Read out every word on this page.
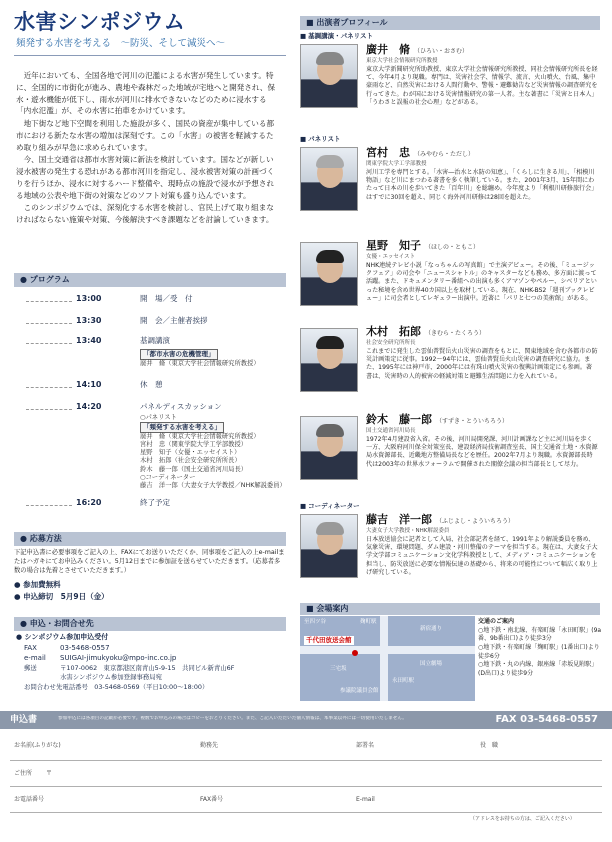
水害シンポジウム
頻発する水害を考える　〜防災、そして減災へ〜

近年においても、全国各地で河川の氾濫による水害が発生しています。特に、全国的に市街化が進み、農地や森林だった地域が宅地へと開発され、保水・遊水機能が低下し、雨水が河川に排水できないなどのために浸水する「内水氾濫」が、その水害に拍車をかけています。

地下街など地下空間を利用した施設が多く、国民の資産が集中している都市における新たな水害の増加は深刻です。この「水害」の被害を軽減するため取り組みが早急に求められています。

今、国土交通省は都市水害対策に新法を検討しています。国などが新しい浸水被害の発生する恐れがある都市河川を指定し、浸水被害対策の計画づくりを行うほか、浸水に対するハード整備や、現時点の施設で浸水が予想される地域の公表や地下街の対策などのソフト対策も盛り込んでいます。

このシンポジウムでは、深刻化する水害を検討し、官民上げて取り組まなければならない施策や対策、今後解決すべき課題などを討論していきます。

● プログラム
13:00	開　場／受　付
13:30	開　会／主催者挨拶
13:40	基調講演
「都市水害の危機管理」
廣井　脩（東京大学社会情報研究所教授）
14:10	休　憩
14:20	パネルディスカッション
○パネリスト
「頻発する水害を考える」
廣井　脩（東京大学社会情報研究所教授）
宮村　忠（関東学院大学工学部教授）
星野　知子（女優・エッセイスト）
木村　拓郎（社会安全研究所所長）
鈴木　藤一郎（国土交通省河川局長）
○コーディネーター
藤吉　洋一郎（大妻女子大学教授／NHK解説委員）
16:20	終了予定
● 応募方法
下記申込書に必要事項をご記入の上、FAXにてお送りいただくか、同事項をご記入の上e-mailまたはハガキにてお申込みください。5月12日までに参加証を送らせていただきます。（応募者多数の場合は先着とさせていただきます。）
● 参加費無料
● 申込締切　5月9日（金）
● 申込・お問合せ先
● シンポジウム参加申込受付
FAX	03-5468-0557
e-mail SUIGAI-jimukyoku@mpo-inc.co.jp
郵送	〒107-0062　東京都港区南青山5-9-15　共同ビル新青山6F
水害シンポジウム参加登録事務局宛
お問合わせ先電話番号　 03-5468-0569（平日10:00〜18:00）
■ 出演者プロフィール
■ 基調講演・パネリスト
廣井　脩 （ひろい・おさむ）
東京大学社会情報研究所教授
東京大学新聞研究所助教授、東京大学社会情報研究所教授、同社会情報研究所長を経て、今年4月より現職。専門は、災害社会学、情報学、流言、火山噴火、台風、集中豪雨など、自然災害における人間行動や、警報・避難勧告など災害情報の調査研究を行ってきた。わが国における災害情報研究の第一人者。主な著書に「災害と日本人」「うわさと誤報の社会心理」などがある。
■ パネリスト
宮村　忠 （みやむら・ただし）
関東学院大学工学部教授
河川工学を専門とする。「水害―治水と水防の知恵」、「くらしに生きる川」、「相模川物語」など川にまつわる著書を多く執筆している。また、2001年3月、15年間にわたって日本の川を歩いてきた「百年川」を総纏め。今年度より「利根川研修旅行会」はすでに30回を超え、同じく海外河川研修は28回を超えた。
星野　知子 （ほしの・ともこ）
女優・エッセイスト
NHK連続テレビ小説「なっちゃんの写真館」で主演デビュー。その後、「ミュージックフェア」の司会や「ニュースシャトル」のキャスターなども務め、多方面に渡って活躍。また、ドキュメンタリー番組への出演も多くアマゾンやペルー、シベリアといった秘境を含め世界40カ国以上を取材している。現在、NHK-BS2「週刊ブックレビュー」に司会者としてレギュラー出演中。近著に「パリと七つの美術館」がある。
木村　拓郎 （きむら・たくろう）
社会安全研究所所長
これまでに発生した雲仙普賢岳火山災害の調査をもとに、関東地域を含む各都市の防災計画策定に従事。1992〜94年には、雲仙普賢岳火山災害の調査研究に協力。また、1995年には神戸市、2000年には有珠山噴火災害の復興計画策定にも参画。著書は、災害時の人的被害の軽減対策と避難生活問題に力を入れている。
鈴木　藤一郎 （すずき・とういちろう）
国土交通省河川局長
1972年4月建設省入省。その後、河川局開発課、河川計画課など主に河川局を歩く一方、大阪府河川保全対策室長、建設経済局技術調査室長、国土交通省土地・水資源局水資源部長、近畿地方整備局長などを歴任。2002年7月より現職。水資源部長時代は2003年の世界水フォーラムで開催された閣僚会議の担当部長として尽力。
■ コーディネーター
藤吉　洋一郎 （ふじよし・よういちろう）
大妻女子大学教授・NHK解説委員
日本放送協会に記者として入局、社会部記者を経て、1991年より解説委員を務め、気象災害、環境問題、ダム建設・河川整備のテーマを担当する。現在は、大妻女子大学文学部コミュニケーション文化学科教授として、メディア・コミュニケーションを担当し、防災放送に必要な情報伝達の基礎から、将来の可能性について幅広く取り上げ研究している。
■ 会場案内
千代田放送会館
至四ツ谷	麹町駅
新宿通り
国立劇場
三宅坂
永田町駅
参議院議員会館
交通のご案内
○地下鉄・南北線、有楽町線「永田町駅」(9a番、9b番出口)より徒歩3分
○地下鉄・有楽町線「麹町駅」(1番出口)より徒歩6分
○地下鉄・丸の内線、銀座線「赤坂見附駅」(D出口)より徒歩9分
申込書	参加申込には各項目の記載が必要です。複数でお申込みの場合はコピーをおとりください。また、ご記入いただいた個人情報は、本事業以外には一切使用いたしません。	FAX 03-5468-0557
お名前(ふりがな)	勤務先	部署名	役　職
ご住所 〒
お電話番号	FAX番号	E-mail
（アドレスをお持ちの方は、ご記入ください）
